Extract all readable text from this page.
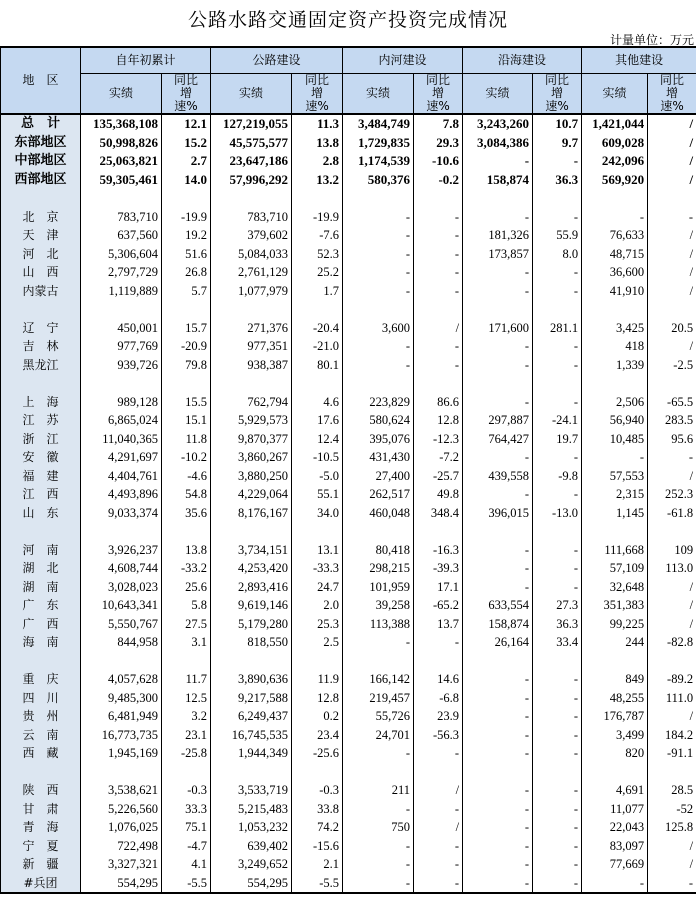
公路水路交通固定资产投资完成情况
计量单位：万元
地　区	自年初累计		公路建设		内河建设		沿海建设		其他建设	
	实绩	同比增速%	实绩	同比增速%	实绩	同比增速%	实绩	同比增速%	实绩	同比增速%
总　计	135,368,108	12.1	127,219,055	11.3	3,484,749	7.8	3,243,260	10.7	1,421,044	/
东部地区	50,998,826	15.2	45,575,577	13.8	1,729,835	29.3	3,084,386	9.7	609,028	/
中部地区	25,063,821	2.7	23,647,186	2.8	1,174,539	-10.6	-	-	242,096	/
西部地区	59,305,461	14.0	57,996,292	13.2	580,376	-0.2	158,874	36.3	569,920	/

北　京	783,710	-19.9	783,710	-19.9	-	-	-	-	-	-
天　津	637,560	19.2	379,602	-7.6	-	-	181,326	55.9	76,633	/
河　北	5,306,604	51.6	5,084,033	52.3	-	-	173,857	8.0	48,715	/
山　西	2,797,729	26.8	2,761,129	25.2	-	-	-	-	36,600	/
内蒙古	1,119,889	5.7	1,077,979	1.7	-	-	-	-	41,910	/

辽　宁	450,001	15.7	271,376	-20.4	3,600	/	171,600	281.1	3,425	20.5
吉　林	977,769	-20.9	977,351	-21.0	-	-	-	-	418	/
黑龙江	939,726	79.8	938,387	80.1	-	-	-	-	1,339	-2.5

上　海	989,128	15.5	762,794	4.6	223,829	86.6	-	-	2,506	-65.5
江　苏	6,865,024	15.1	5,929,573	17.6	580,624	12.8	297,887	-24.1	56,940	283.5
浙　江	11,040,365	11.8	9,870,377	12.4	395,076	-12.3	764,427	19.7	10,485	95.6
安　徽	4,291,697	-10.2	3,860,267	-10.5	431,430	-7.2	-	-	-	-
福　建	4,404,761	-4.6	3,880,250	-5.0	27,400	-25.7	439,558	-9.8	57,553	/
江　西	4,493,896	54.8	4,229,064	55.1	262,517	49.8	-	-	2,315	252.3
山　东	9,033,374	35.6	8,176,167	34.0	460,048	348.4	396,015	-13.0	1,145	-61.8

河　南	3,926,237	13.8	3,734,151	13.1	80,418	-16.3	-	-	111,668	109
湖　北	4,608,744	-33.2	4,253,420	-33.3	298,215	-39.3	-	-	57,109	113.0
湖　南	3,028,023	25.6	2,893,416	24.7	101,959	17.1	-	-	32,648	/
广　东	10,643,341	5.8	9,619,146	2.0	39,258	-65.2	633,554	27.3	351,383	/
广　西	5,550,767	27.5	5,179,280	25.3	113,388	13.7	158,874	36.3	99,225	/
海　南	844,958	3.1	818,550	2.5	-	-	26,164	33.4	244	-82.8

重　庆	4,057,628	11.7	3,890,636	11.9	166,142	14.6	-	-	849	-89.2
四　川	9,485,300	12.5	9,217,588	12.8	219,457	-6.8	-	-	48,255	111.0
贵　州	6,481,949	3.2	6,249,437	0.2	55,726	23.9	-	-	176,787	/
云　南	16,773,735	23.1	16,745,535	23.4	24,701	-56.3	-	-	3,499	184.2
西　藏	1,945,169	-25.8	1,944,349	-25.6	-	-	-	-	820	-91.1

陕　西	3,538,621	-0.3	3,533,719	-0.3	211	/	-	-	4,691	28.5
甘　肃	5,226,560	33.3	5,215,483	33.8	-	-	-	-	11,077	-52
青　海	1,076,025	75.1	1,053,232	74.2	750	/	-	-	22,043	125.8
宁　夏	722,498	-4.7	639,402	-15.6	-	-	-	-	83,097	/
新　疆	3,327,321	4.1	3,249,652	2.1	-	-	-	-	77,669	/
#兵团	554,295	-5.5	554,295	-5.5	-	-	-	-	-	-
